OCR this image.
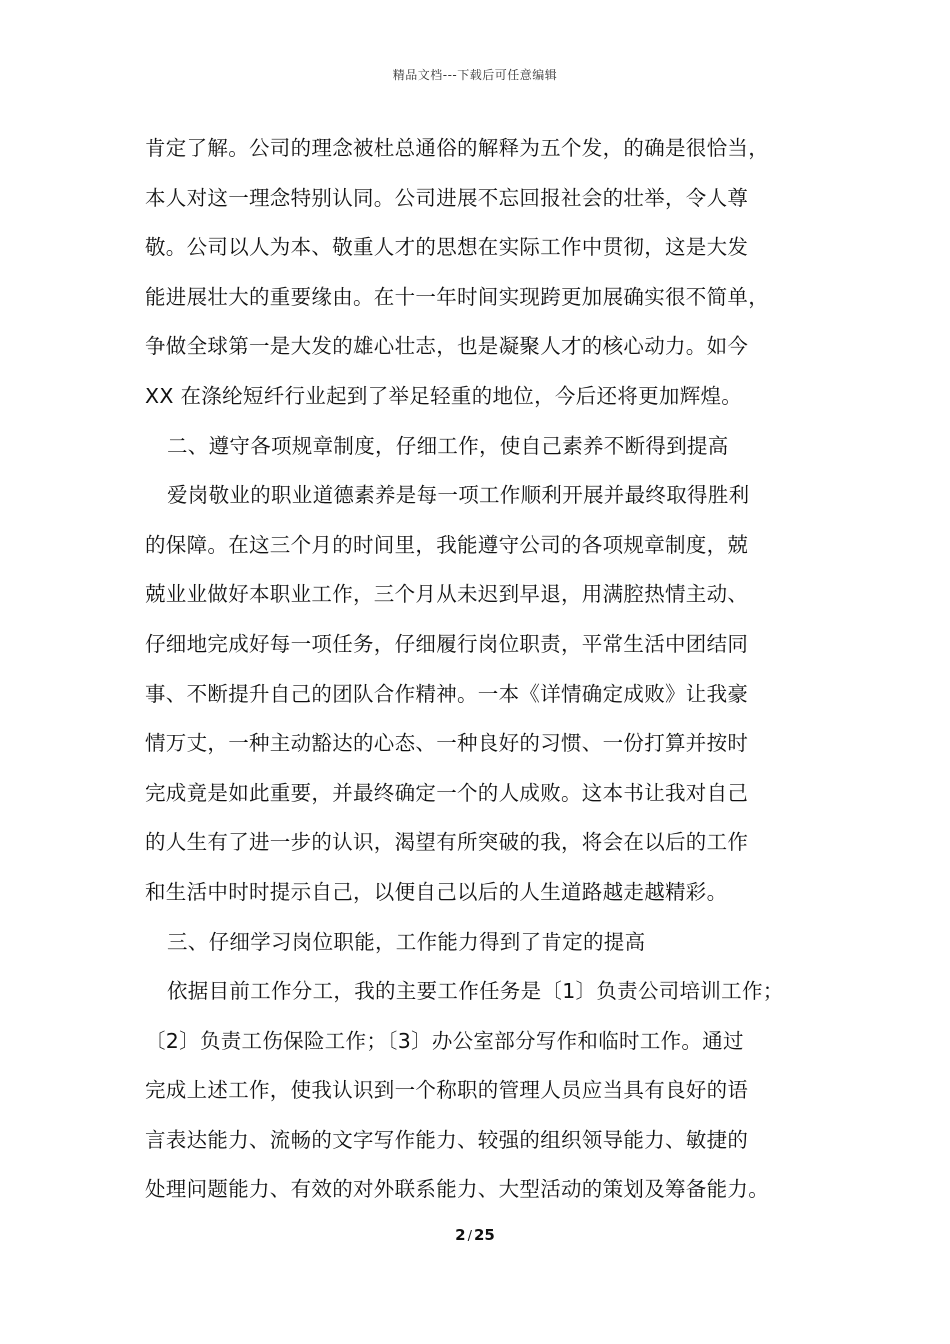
精品文档---下载后可任意编辑
肯定了解。公司的理念被杜总通俗的解释为五个发，的确是很恰当，
本人对这一理念特别认同。公司进展不忘回报社会的壮举，令人尊
敬。公司以人为本、敬重人才的思想在实际工作中贯彻，这是大发
能进展壮大的重要缘由。在十一年时间实现跨更加展确实很不简单，
争做全球第一是大发的雄心壮志，也是凝聚人才的核心动力。如今
XX 在涤纶短纤行业起到了举足轻重的地位，今后还将更加辉煌。
二、遵守各项规章制度，仔细工作，使自己素养不断得到提高
爱岗敬业的职业道德素养是每一项工作顺利开展并最终取得胜利
的保障。在这三个月的时间里，我能遵守公司的各项规章制度，兢
兢业业做好本职业工作，三个月从未迟到早退，用满腔热情主动、
仔细地完成好每一项任务，仔细履行岗位职责，平常生活中团结同
事、不断提升自己的团队合作精神。一本《详情确定成败》让我豪
情万丈，一种主动豁达的心态、一种良好的习惯、一份打算并按时
完成竟是如此重要，并最终确定一个的人成败。这本书让我对自己
的人生有了进一步的认识，渴望有所突破的我，将会在以后的工作
和生活中时时提示自己，以便自己以后的人生道路越走越精彩。
三、仔细学习岗位职能，工作能力得到了肯定的提高
依据目前工作分工，我的主要工作任务是〔1〕负责公司培训工作；
〔2〕负责工伤保险工作；〔3〕办公室部分写作和临时工作。通过
完成上述工作，使我认识到一个称职的管理人员应当具有良好的语
言表达能力、流畅的文字写作能力、较强的组织领导能力、敏捷的
处理问题能力、有效的对外联系能力、大型活动的策划及筹备能力。
2 / 25
